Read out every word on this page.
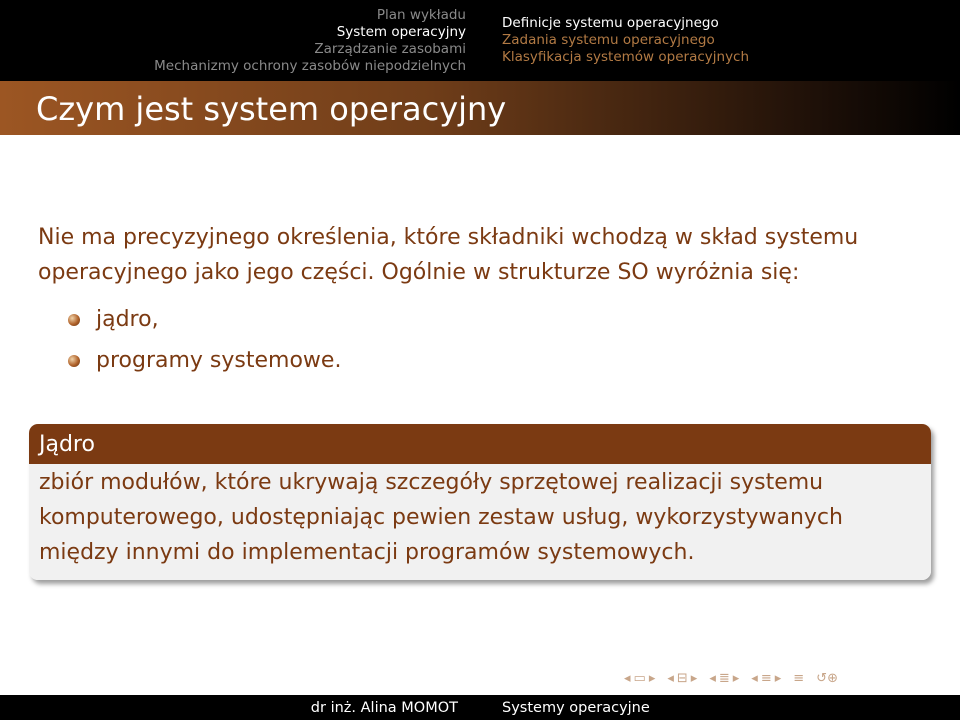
Plan wykładu
System operacyjny
Zarządzanie zasobami
Mechanizmy ochrony zasobów niepodzielnych
Definicje systemu operacyjnego
Zadania systemu operacyjnego
Klasyfikacja systemów operacyjnych
Czym jest system operacyjny
Nie ma precyzyjnego określenia, które składniki wchodzą w skład systemu operacyjnego jako jego części. Ogólnie w strukturze SO wyróżnia się:
jądro,
programy systemowe.
Jądro
zbiór modułów, które ukrywają szczegóły sprzętowej realizacji systemu komputerowego, udostępniając pewien zestaw usług, wykorzystywanych między innymi do implementacji programów systemowych.
◂ ▭ ▸ ◂ ⊟ ▸ ◂ ≣ ▸ ◂ ≡ ▸ ≡ ↺⊕
dr inż. Alina MOMOT	Systemy operacyjne
